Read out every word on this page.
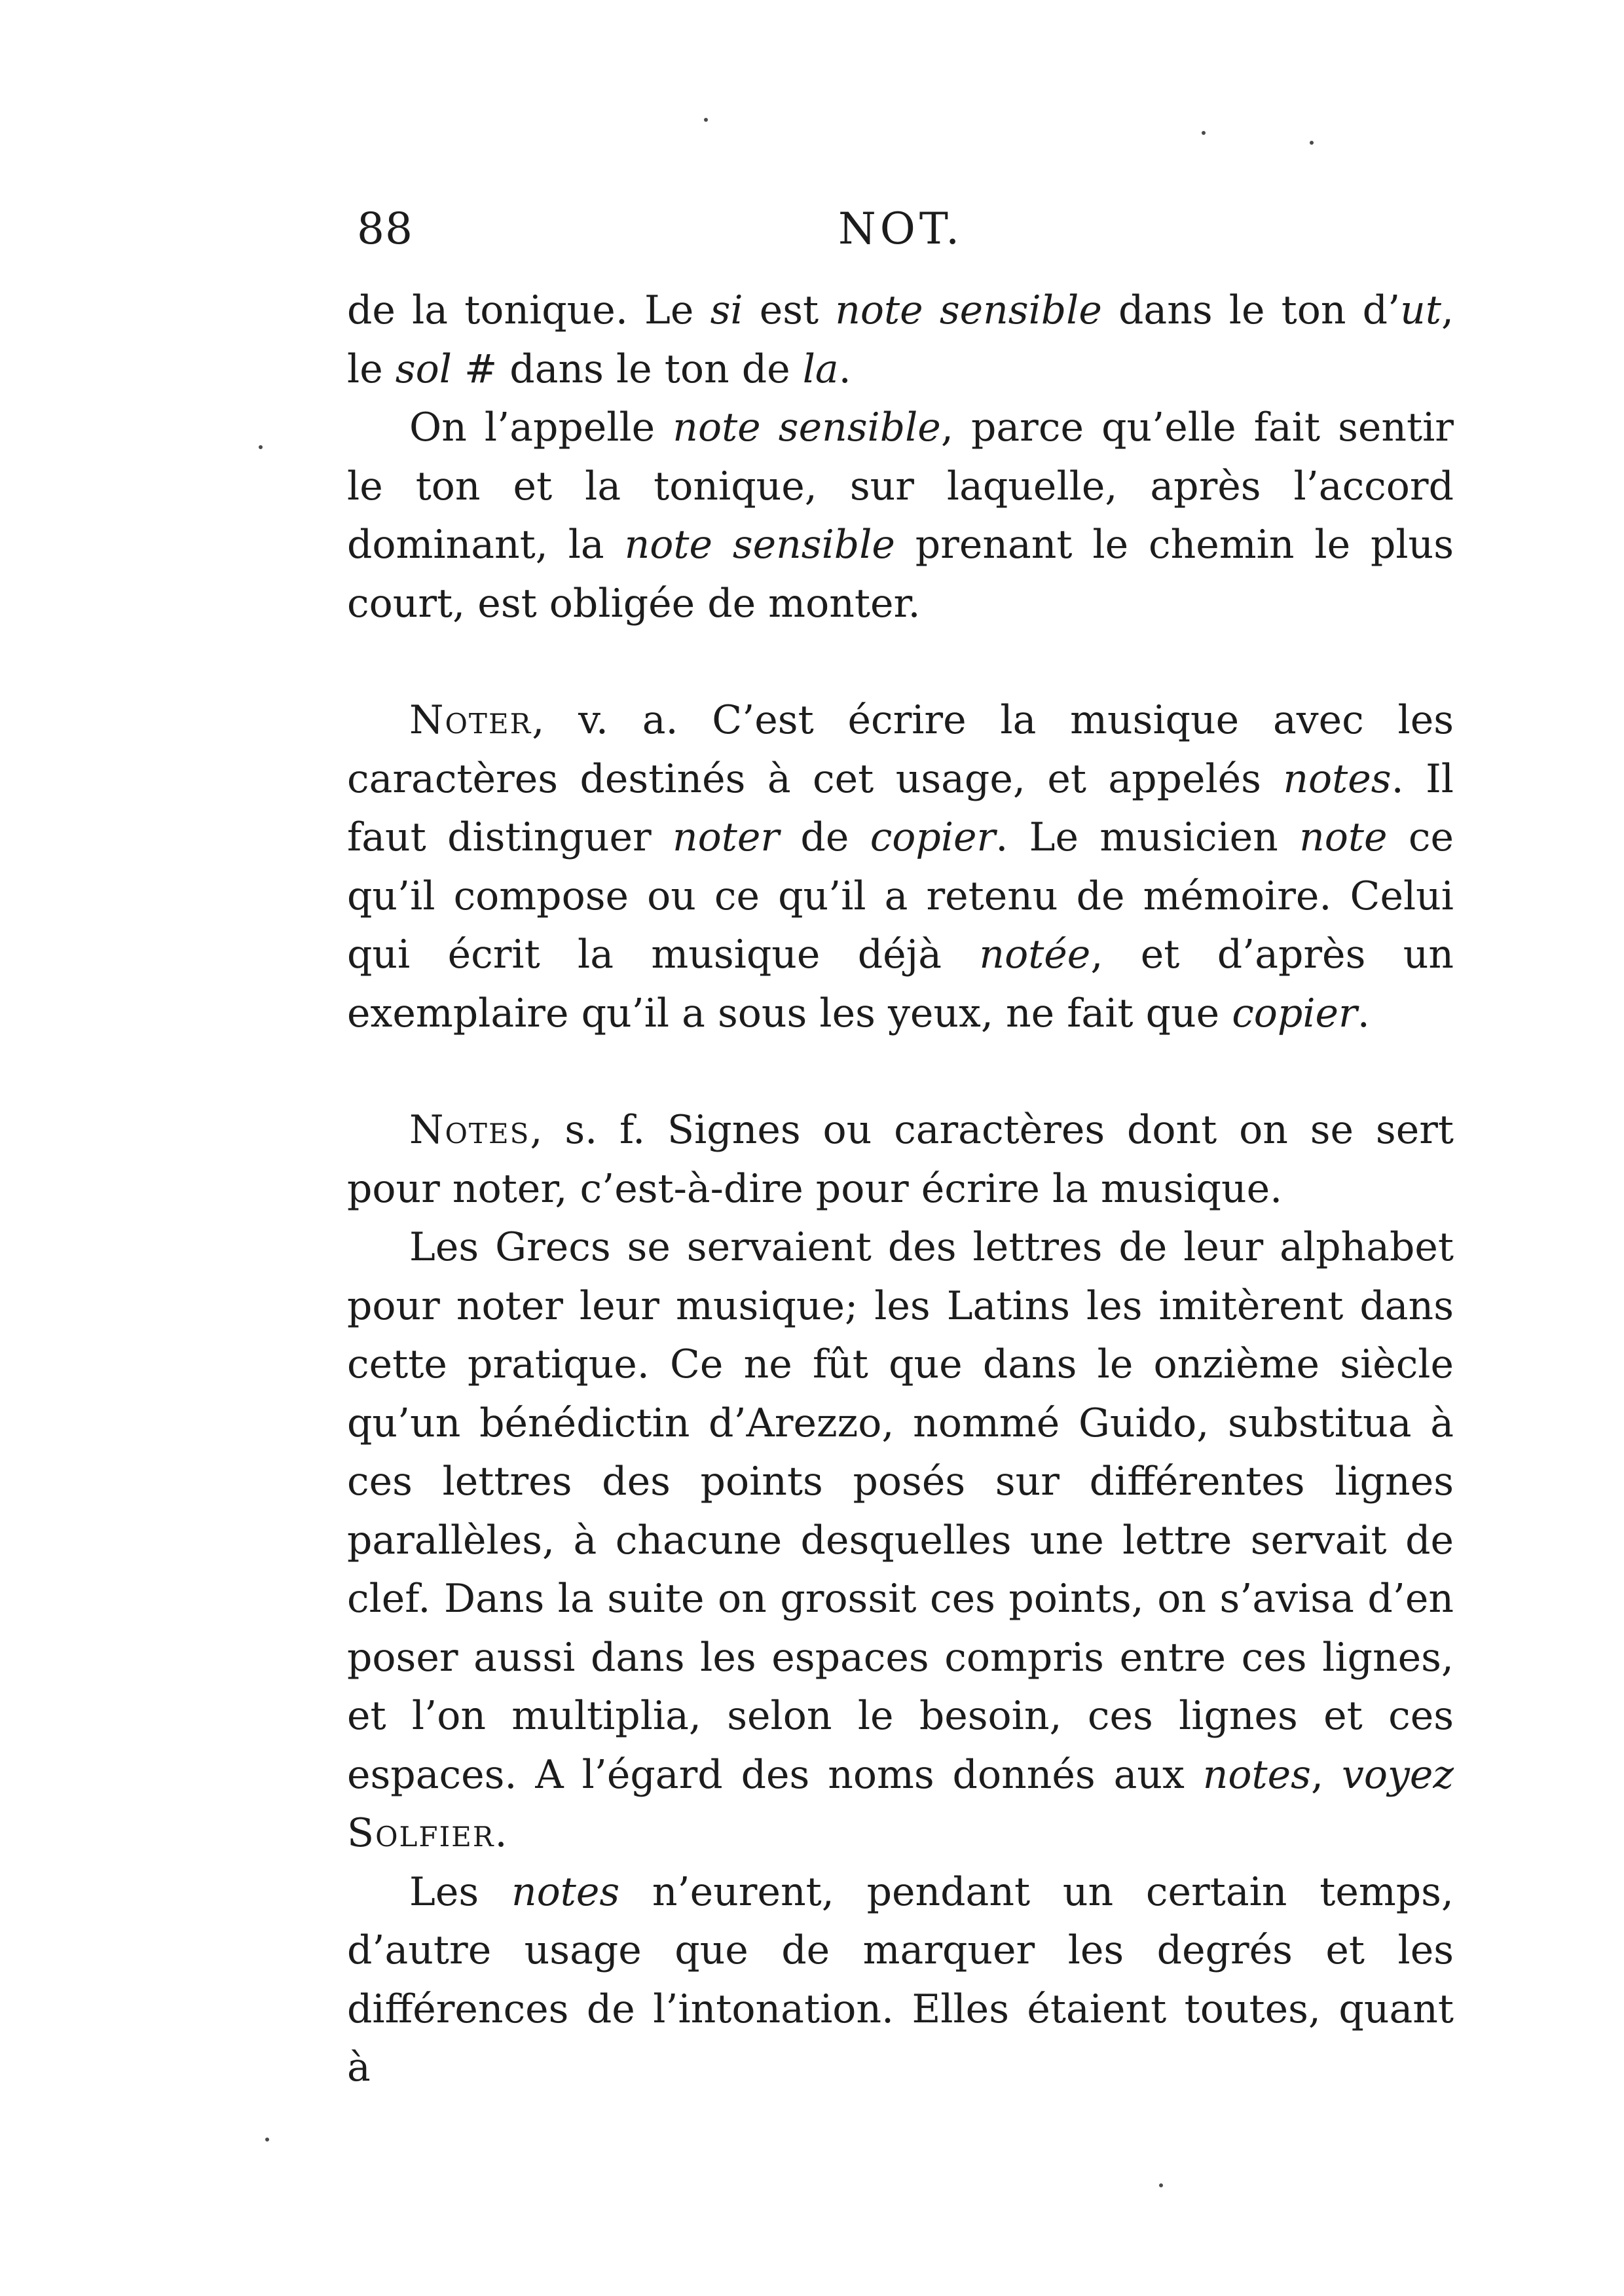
88	NOT.

de la tonique. Le si est note sensible dans le ton d’ut, le sol # dans le ton de la.

On l’appelle note sensible, parce qu’elle fait sentir le ton et la tonique, sur laquelle, après l’accord dominant, la note sensible prenant le chemin le plus court, est obligée de monter.

Noter, v. a. C’est écrire la musique avec les caractères destinés à cet usage, et appelés notes. Il faut distinguer noter de copier. Le musicien note ce qu’il compose ou ce qu’il a retenu de mémoire. Celui qui écrit la musique déjà notée, et d’après un exemplaire qu’il a sous les yeux, ne fait que copier.

Notes, s. f. Signes ou caractères dont on se sert pour noter, c’est-à-dire pour écrire la musique.

Les Grecs se servaient des lettres de leur alphabet pour noter leur musique; les Latins les imitèrent dans cette pratique. Ce ne fût que dans le onzième siècle qu’un bénédictin d’Arezzo, nommé Guido, substitua à ces lettres des points posés sur différentes lignes parallèles, à chacune desquelles une lettre servait de clef. Dans la suite on grossit ces points, on s’avisa d’en poser aussi dans les espaces compris entre ces lignes, et l’on multiplia, selon le besoin, ces lignes et ces espaces. A l’égard des noms donnés aux notes, voyez Solfier.

Les notes n’eurent, pendant un certain temps, d’autre usage que de marquer les degrés et les différences de l’intonation. Elles étaient toutes, quant à
